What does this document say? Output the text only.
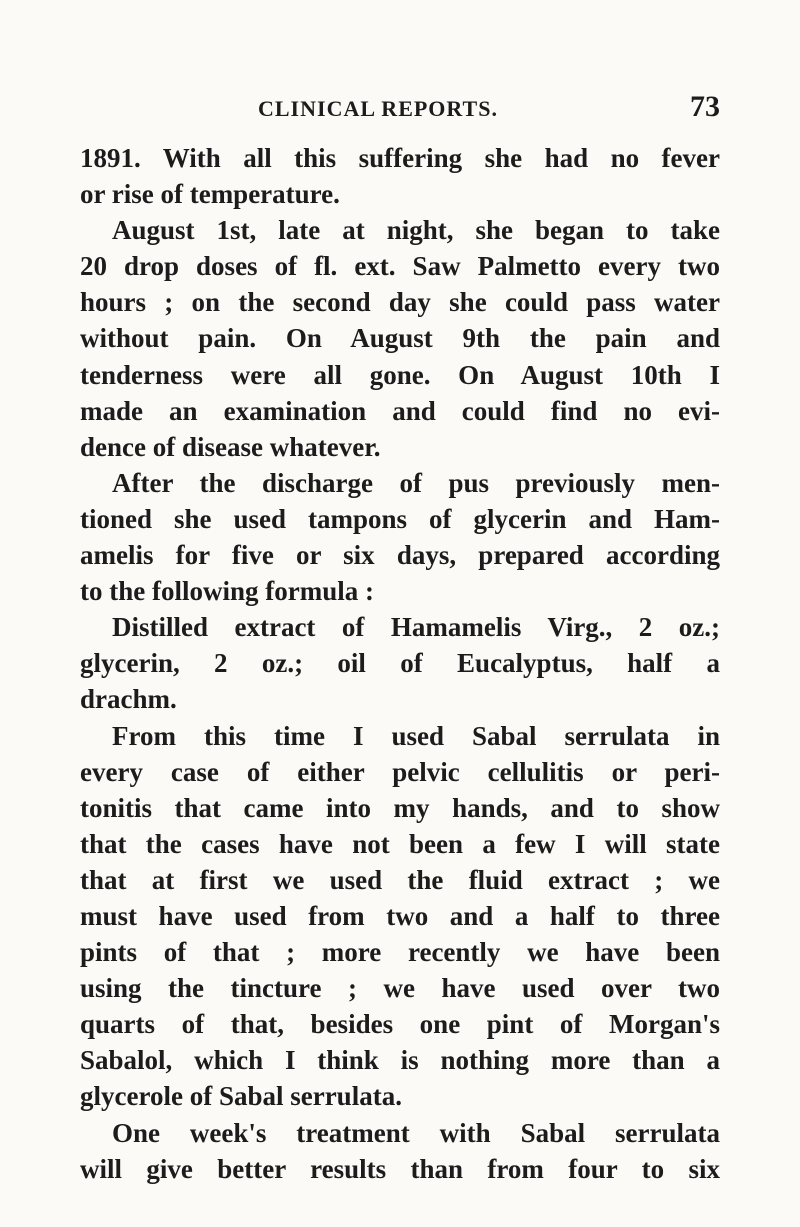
CLINICAL REPORTS.	73
1891. With all this suffering she had no fever
or rise of temperature.
August 1st, late at night, she began to take
20 drop doses of fl. ext. Saw Palmetto every two
hours ; on the second day she could pass water
without pain. On August 9th the pain and
tenderness were all gone. On August 10th I
made an examination and could find no evi-
dence of disease whatever.
After the discharge of pus previously men-
tioned she used tampons of glycerin and Ham-
amelis for five or six days, prepared according
to the following formula :
Distilled extract of Hamamelis Virg., 2 oz.;
glycerin, 2 oz.; oil of Eucalyptus, half a
drachm.
From this time I used Sabal serrulata in
every case of either pelvic cellulitis or peri-
tonitis that came into my hands, and to show
that the cases have not been a few I will state
that at first we used the fluid extract ; we
must have used from two and a half to three
pints of that ; more recently we have been
using the tincture ; we have used over two
quarts of that, besides one pint of Morgan's
Sabalol, which I think is nothing more than a
glycerole of Sabal serrulata.
One week's treatment with Sabal serrulata
will give better results than from four to six
